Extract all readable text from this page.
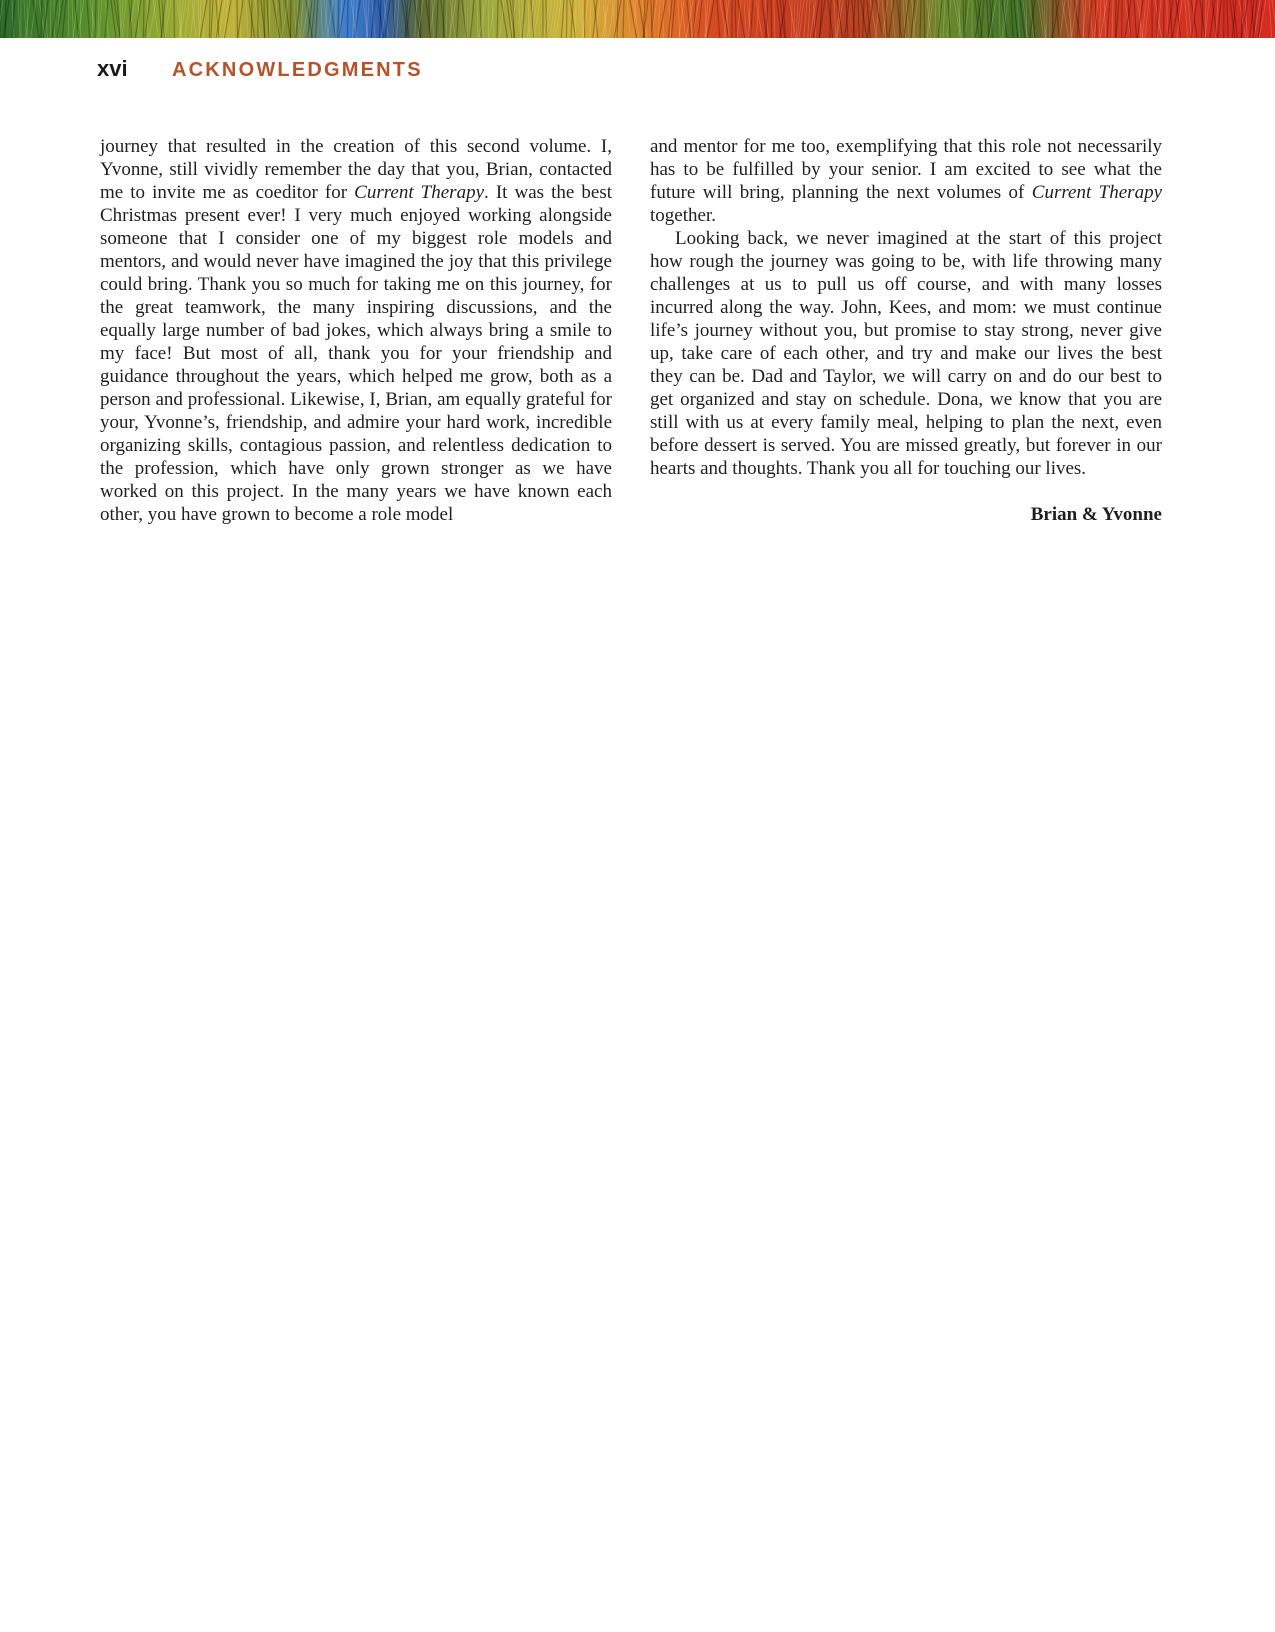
xvi	ACKNOWLEDGMENTS

journey that resulted in the creation of this second volume. I, Yvonne, still vividly remember the day that you, Brian, contacted me to invite me as coeditor for Current Therapy. It was the best Christmas present ever! I very much enjoyed working alongside someone that I consider one of my biggest role models and mentors, and would never have imagined the joy that this privilege could bring. Thank you so much for taking me on this journey, for the great teamwork, the many inspiring discussions, and the equally large number of bad jokes, which always bring a smile to my face! But most of all, thank you for your friendship and guidance throughout the years, which helped me grow, both as a person and professional. Likewise, I, Brian, am equally grateful for your, Yvonne’s, friendship, and admire your hard work, incredible organizing skills, contagious passion, and relentless dedication to the profession, which have only grown stronger as we have worked on this project. In the many years we have known each other, you have grown to become a role model

and mentor for me too, exemplifying that this role not necessarily has to be fulfilled by your senior. I am excited to see what the future will bring, planning the next volumes of Current Therapy together.

Looking back, we never imagined at the start of this project how rough the journey was going to be, with life throwing many challenges at us to pull us off course, and with many losses incurred along the way. John, Kees, and mom: we must continue life’s journey without you, but promise to stay strong, never give up, take care of each other, and try and make our lives the best they can be. Dad and Taylor, we will carry on and do our best to get organized and stay on schedule. Dona, we know that you are still with us at every family meal, helping to plan the next, even before dessert is served. You are missed greatly, but forever in our hearts and thoughts. Thank you all for touching our lives.

Brian & Yvonne
